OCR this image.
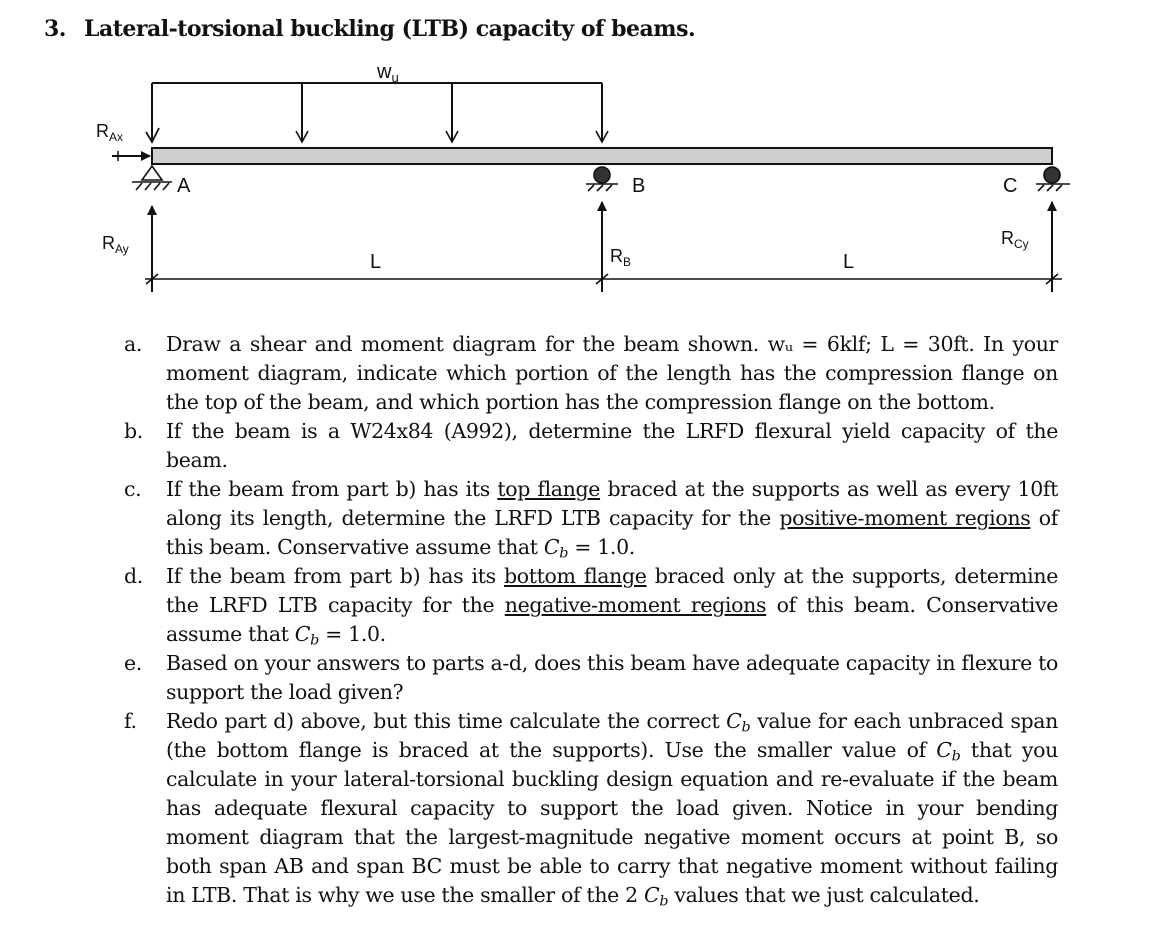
3. Lateral-torsional buckling (LTB) capacity of beams.
$w_u$
$R_{Ax}$
A	B	C
$R_{Ay}$	$R_B$
$R_{Cy}$
L	L
a.	Draw a shear and moment diagram for the beam shown. wᵤ = 6klf; L = 30ft. In your moment diagram, indicate which portion of the length has the compression flange on the top of the beam, and which portion has the compression flange on the bottom.
b.	If the beam is a W24x84 (A992), determine the LRFD flexural yield capacity of the beam.
c.	If the beam from part b) has its top flange braced at the supports as well as every 10ft along its length, determine the LRFD LTB capacity for the positive-moment regions of this beam. Conservative assume that $C_b = 1.0$.
d.	If the beam from part b) has its bottom flange braced only at the supports, determine the LRFD LTB capacity for the negative-moment regions of this beam. Conservative assume that $C_b = 1.0$.
e.	Based on your answers to parts a-d, does this beam have adequate capacity in flexure to support the load given?
f.	Redo part d) above, but this time calculate the correct $C_b$ value for each unbraced span (the bottom flange is braced at the supports). Use the smaller value of $C_b$ that you calculate in your lateral-torsional buckling design equation and re-evaluate if the beam has adequate flexural capacity to support the load given. Notice in your bending moment diagram that the largest-magnitude negative moment occurs at point B, so both span AB and span BC must be able to carry that negative moment without failing in LTB. That is why we use the smaller of the 2 $C_b$ values that we just calculated.
